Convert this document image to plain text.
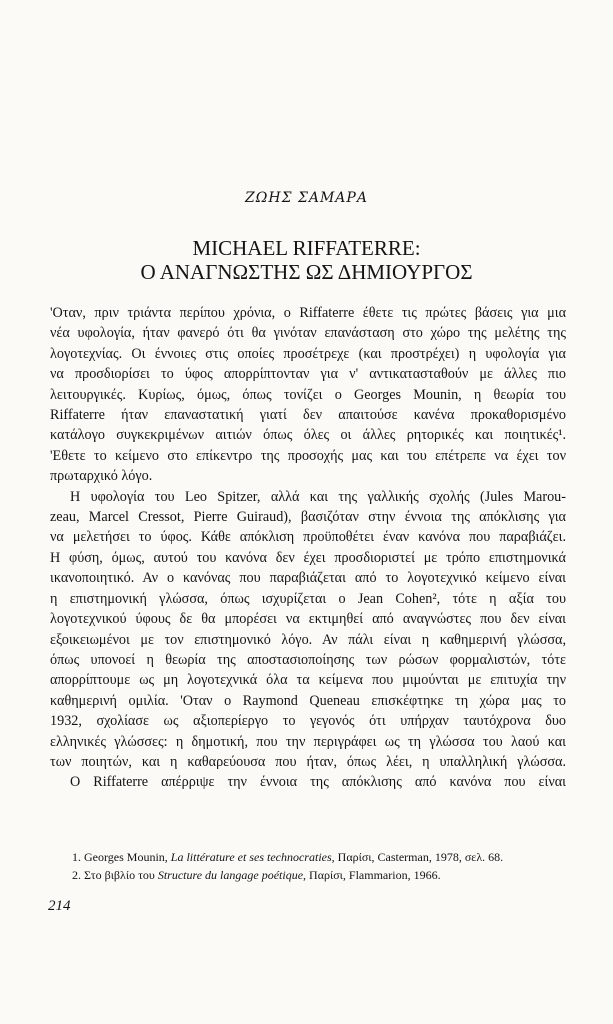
ΖΩΗΣ ΣΑΜΑΡΑ
MICHAEL RIFFATERRE:
Ο ΑΝΑΓΝΩΣΤΗΣ ΩΣ ΔΗΜΙΟΥΡΓΟΣ
'Οταν, πριν τριάντα περίπου χρόνια, ο Riffaterre έθετε τις πρώτες βάσεις για μια
νέα υφολογία, ήταν φανερό ότι θα γινόταν επανάσταση στο χώρο της μελέτης της
λογοτεχνίας. Οι έννοιες στις οποίες προσέτρεχε (και προστρέχει) η υφολογία για
να προσδιορίσει το ύφος απορρίπτονταν για ν' αντικατασταθούν με άλλες πιο
λειτουργικές. Κυρίως, όμως, όπως τονίζει ο Georges Mounin, η θεωρία του
Riffaterre ήταν επαναστατική γιατί δεν απαιτούσε κανένα προκαθορισμένο
κατάλογο συγκεκριμένων αιτιών όπως όλες οι άλλες ρητορικές και ποιητικές¹.
'Εθετε το κείμενο στο επίκεντρο της προσοχής μας και του επέτρεπε να έχει τον
πρωταρχικό λόγο.
Η υφολογία του Leo Spitzer, αλλά και της γαλλικής σχολής (Jules Marou-
zeau, Marcel Cressot, Pierre Guiraud), βασιζόταν στην έννοια της απόκλισης για
να μελετήσει το ύφος. Κάθε απόκλιση προϋποθέτει έναν κανόνα που παραβιάζει.
Η φύση, όμως, αυτού του κανόνα δεν έχει προσδιοριστεί με τρόπο επιστημονικά
ικανοποιητικό. Αν ο κανόνας που παραβιάζεται από το λογοτεχνικό κείμενο είναι
η επιστημονική γλώσσα, όπως ισχυρίζεται ο Jean Cohen², τότε η αξία του
λογοτεχνικού ύφους δε θα μπορέσει να εκτιμηθεί από αναγνώστες που δεν είναι
εξοικειωμένοι με τον επιστημονικό λόγο. Αν πάλι είναι η καθημερινή γλώσσα,
όπως υπονοεί η θεωρία της αποστασιοποίησης των ρώσων φορμαλιστών, τότε
απορρίπτουμε ως μη λογοτεχνικά όλα τα κείμενα που μιμούνται με επιτυχία την
καθημερινή ομιλία. 'Οταν ο Raymond Queneau επισκέφτηκε τη χώρα μας το
1932, σχολίασε ως αξιοπερίεργο το γεγονός ότι υπήρχαν ταυτόχρονα δυο
ελληνικές γλώσσες: η δημοτική, που την περιγράφει ως τη γλώσσα του λαού και
των ποιητών, και η καθαρεύουσα που ήταν, όπως λέει, η υπαλληλική γλώσσα.
Ο Riffaterre απέρριψε την έννοια της απόκλισης από κανόνα που είναι
1. Georges Mounin, La littérature et ses technocraties, Παρίσι, Casterman, 1978, σελ. 68.
2. Στο βιβλίο του Structure du langage poétique, Παρίσι, Flammarion, 1966.
214
